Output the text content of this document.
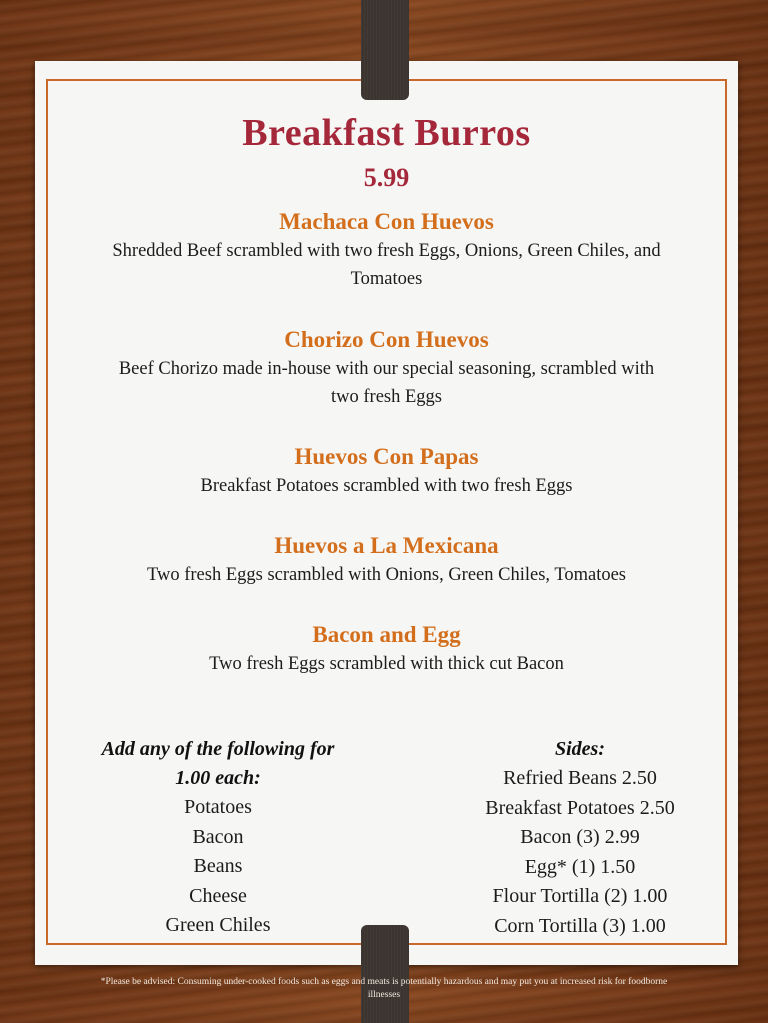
Breakfast Burros
5.99
Machaca Con Huevos
Shredded Beef scrambled with two fresh Eggs, Onions, Green Chiles, and Tomatoes
Chorizo Con Huevos
Beef Chorizo made in-house with our special seasoning, scrambled with two fresh Eggs
Huevos Con Papas
Breakfast Potatoes scrambled with two fresh Eggs
Huevos a La Mexicana
Two fresh Eggs scrambled with Onions, Green Chiles, Tomatoes
Bacon and Egg
Two fresh Eggs scrambled with thick cut Bacon
Add any of the following for
1.00 each:
Potatoes
Bacon
Beans
Cheese
Green Chiles
Sides:
Refried Beans 2.50
Breakfast Potatoes 2.50
Bacon (3) 2.99
Egg* (1) 1.50
Flour Tortilla (2) 1.00
Corn Tortilla (3) 1.00
*Please be advised: Consuming under-cooked foods such as eggs and meats is potentially hazardous and may put you at increased risk for foodborne illnesses
